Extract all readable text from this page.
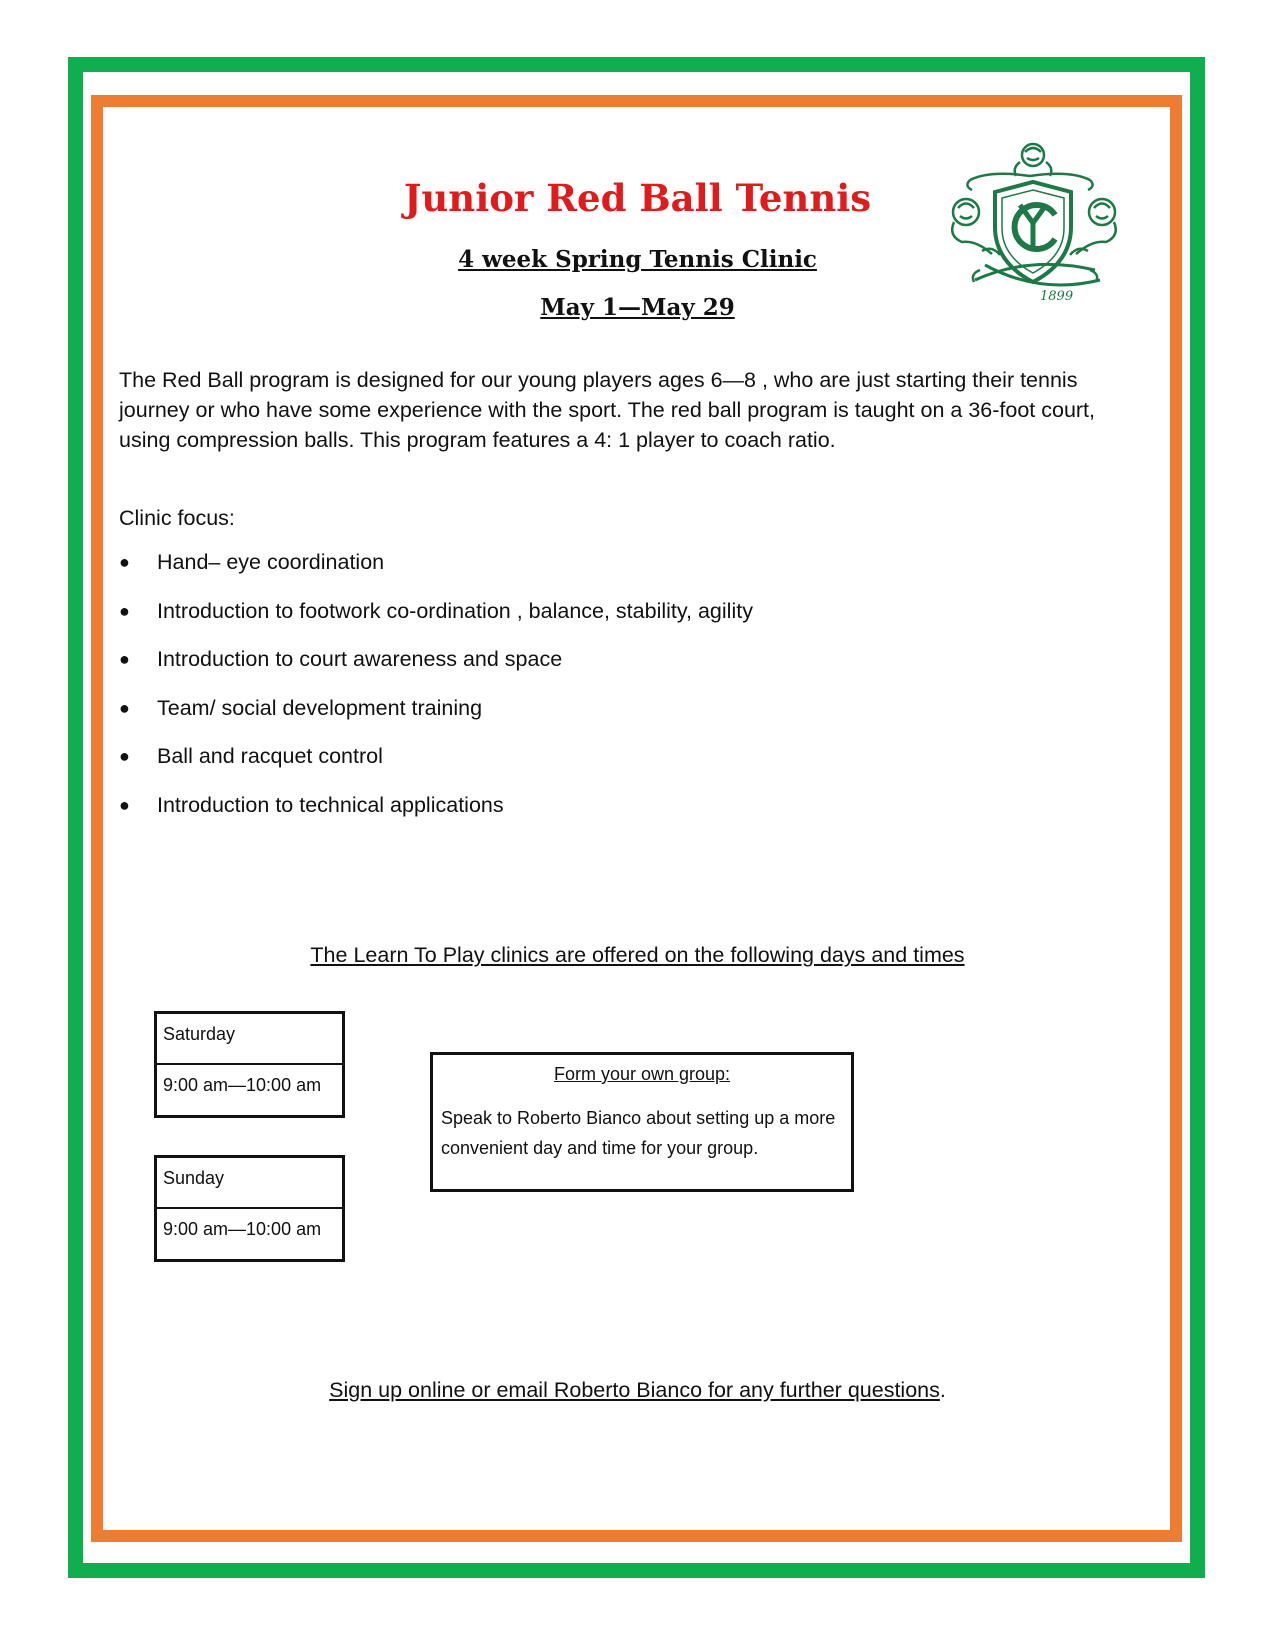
Junior Red Ball Tennis

4 week Spring Tennis Clinic

May 1—May 29	1899

The Red Ball program is designed for our young players ages 6—8 , who are just starting their tennis journey or who have some experience with the sport. The red ball program is taught on a 36-foot court, using compression balls. This program features a 4: 1 player to coach ratio.

Clinic focus:

● Hand– eye coordination
● Introduction to footwork co-ordination , balance, stability, agility
● Introduction to court awareness and space
● Team/ social development training
● Ball and racquet control
● Introduction to technical applications

The Learn To Play clinics are offered on the following days and times

Saturday
9:00 am—10:00 am
Sunday
9:00 am—10:00 am
Form your own group:
Speak to Roberto Bianco about setting up a more convenient day and time for your group.

Sign up online or email Roberto Bianco for any further questions.
